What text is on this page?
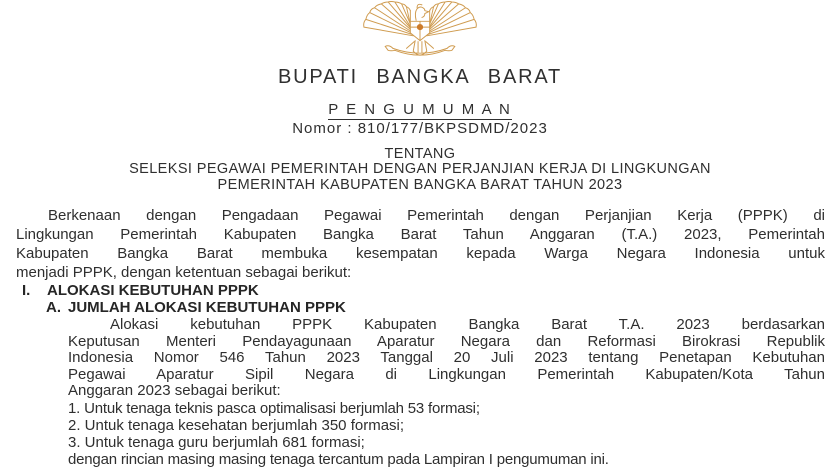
BUPATI BANGKA BARAT
P E N G U M U M A N
Nomor : 810/177/BKPSDMD/2023
TENTANG
SELEKSI PEGAWAI PEMERINTAH DENGAN PERJANJIAN KERJA DI LINGKUNGAN
PEMERINTAH KABUPATEN BANGKA BARAT TAHUN 2023
Berkenaan dengan Pengadaan Pegawai Pemerintah dengan Perjanjian Kerja (PPPK) di
Lingkungan Pemerintah Kabupaten Bangka Barat Tahun Anggaran (T.A.) 2023, Pemerintah
Kabupaten Bangka Barat membuka kesempatan kepada Warga Negara Indonesia untuk
menjadi PPPK, dengan ketentuan sebagai berikut:
I.	ALOKASI KEBUTUHAN PPPK
A. JUMLAH ALOKASI KEBUTUHAN PPPK
Alokasi kebutuhan PPPK Kabupaten Bangka Barat T.A. 2023 berdasarkan
Keputusan Menteri Pendayagunaan Aparatur Negara dan Reformasi Birokrasi Republik
Indonesia Nomor 546 Tahun 2023 Tanggal 20 Juli 2023 tentang Penetapan Kebutuhan
Pegawai Aparatur Sipil Negara di Lingkungan Pemerintah Kabupaten/Kota Tahun
Anggaran 2023 sebagai berikut:
1. Untuk tenaga teknis pasca optimalisasi berjumlah 53 formasi;
2. Untuk tenaga kesehatan berjumlah 350 formasi;
3. Untuk tenaga guru berjumlah 681 formasi;
dengan rincian masing masing tenaga tercantum pada Lampiran I pengumuman ini.
